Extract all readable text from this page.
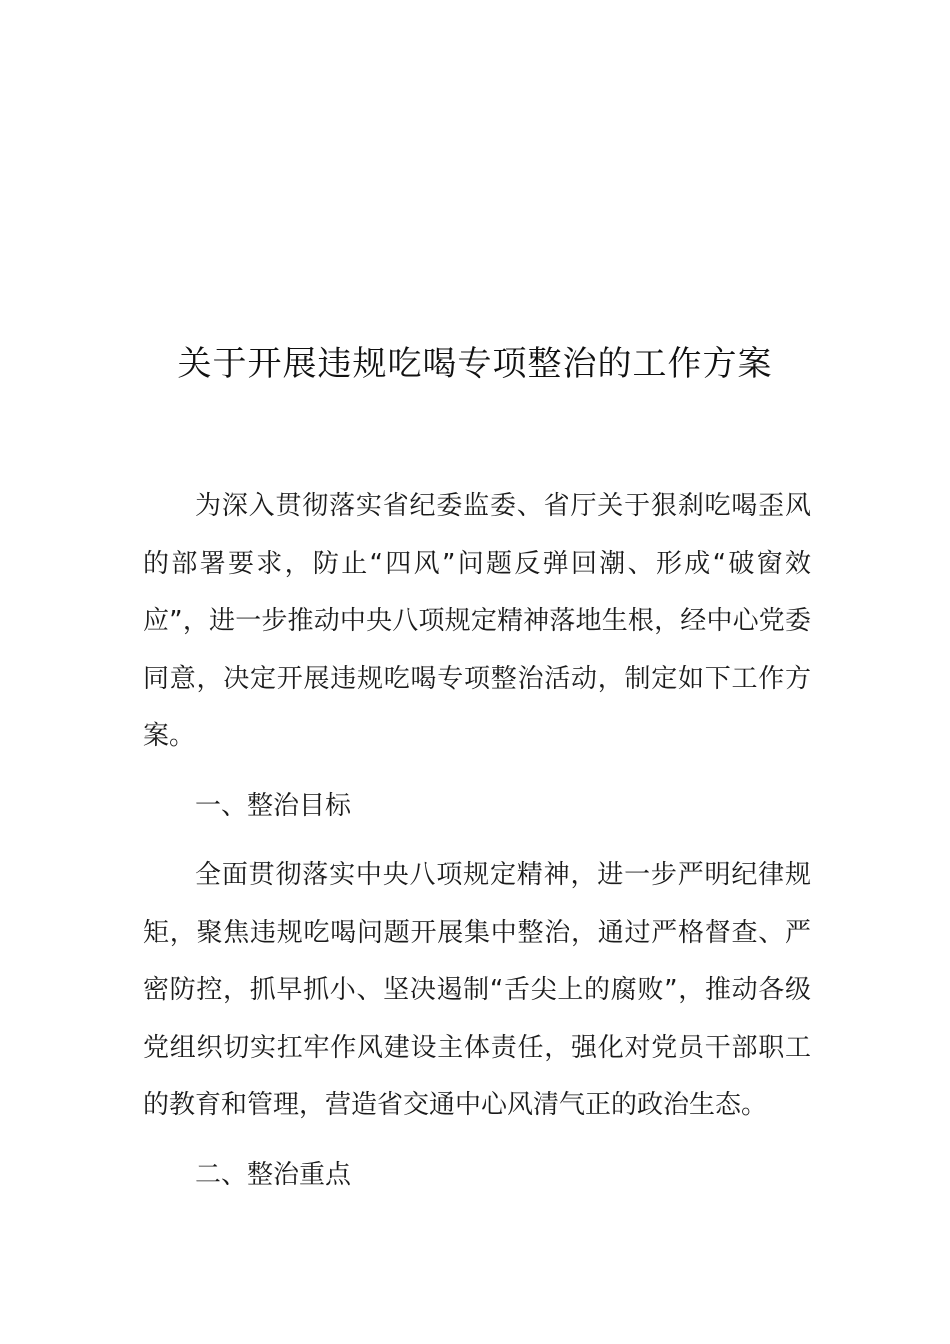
关于开展违规吃喝专项整治的工作方案

为深入贯彻落实省纪委监委、省厅关于狠刹吃喝歪风的部署要求，防止“四风”问题反弹回潮、形成“破窗效应”，进一步推动中央八项规定精神落地生根，经中心党委同意，决定开展违规吃喝专项整治活动，制定如下工作方案。

一、整治目标

全面贯彻落实中央八项规定精神，进一步严明纪律规矩，聚焦违规吃喝问题开展集中整治，通过严格督查、严密防控，抓早抓小、坚决遏制“舌尖上的腐败”，推动各级党组织切实扛牢作风建设主体责任，强化对党员干部职工的教育和管理，营造省交通中心风清气正的政治生态。

二、整治重点
